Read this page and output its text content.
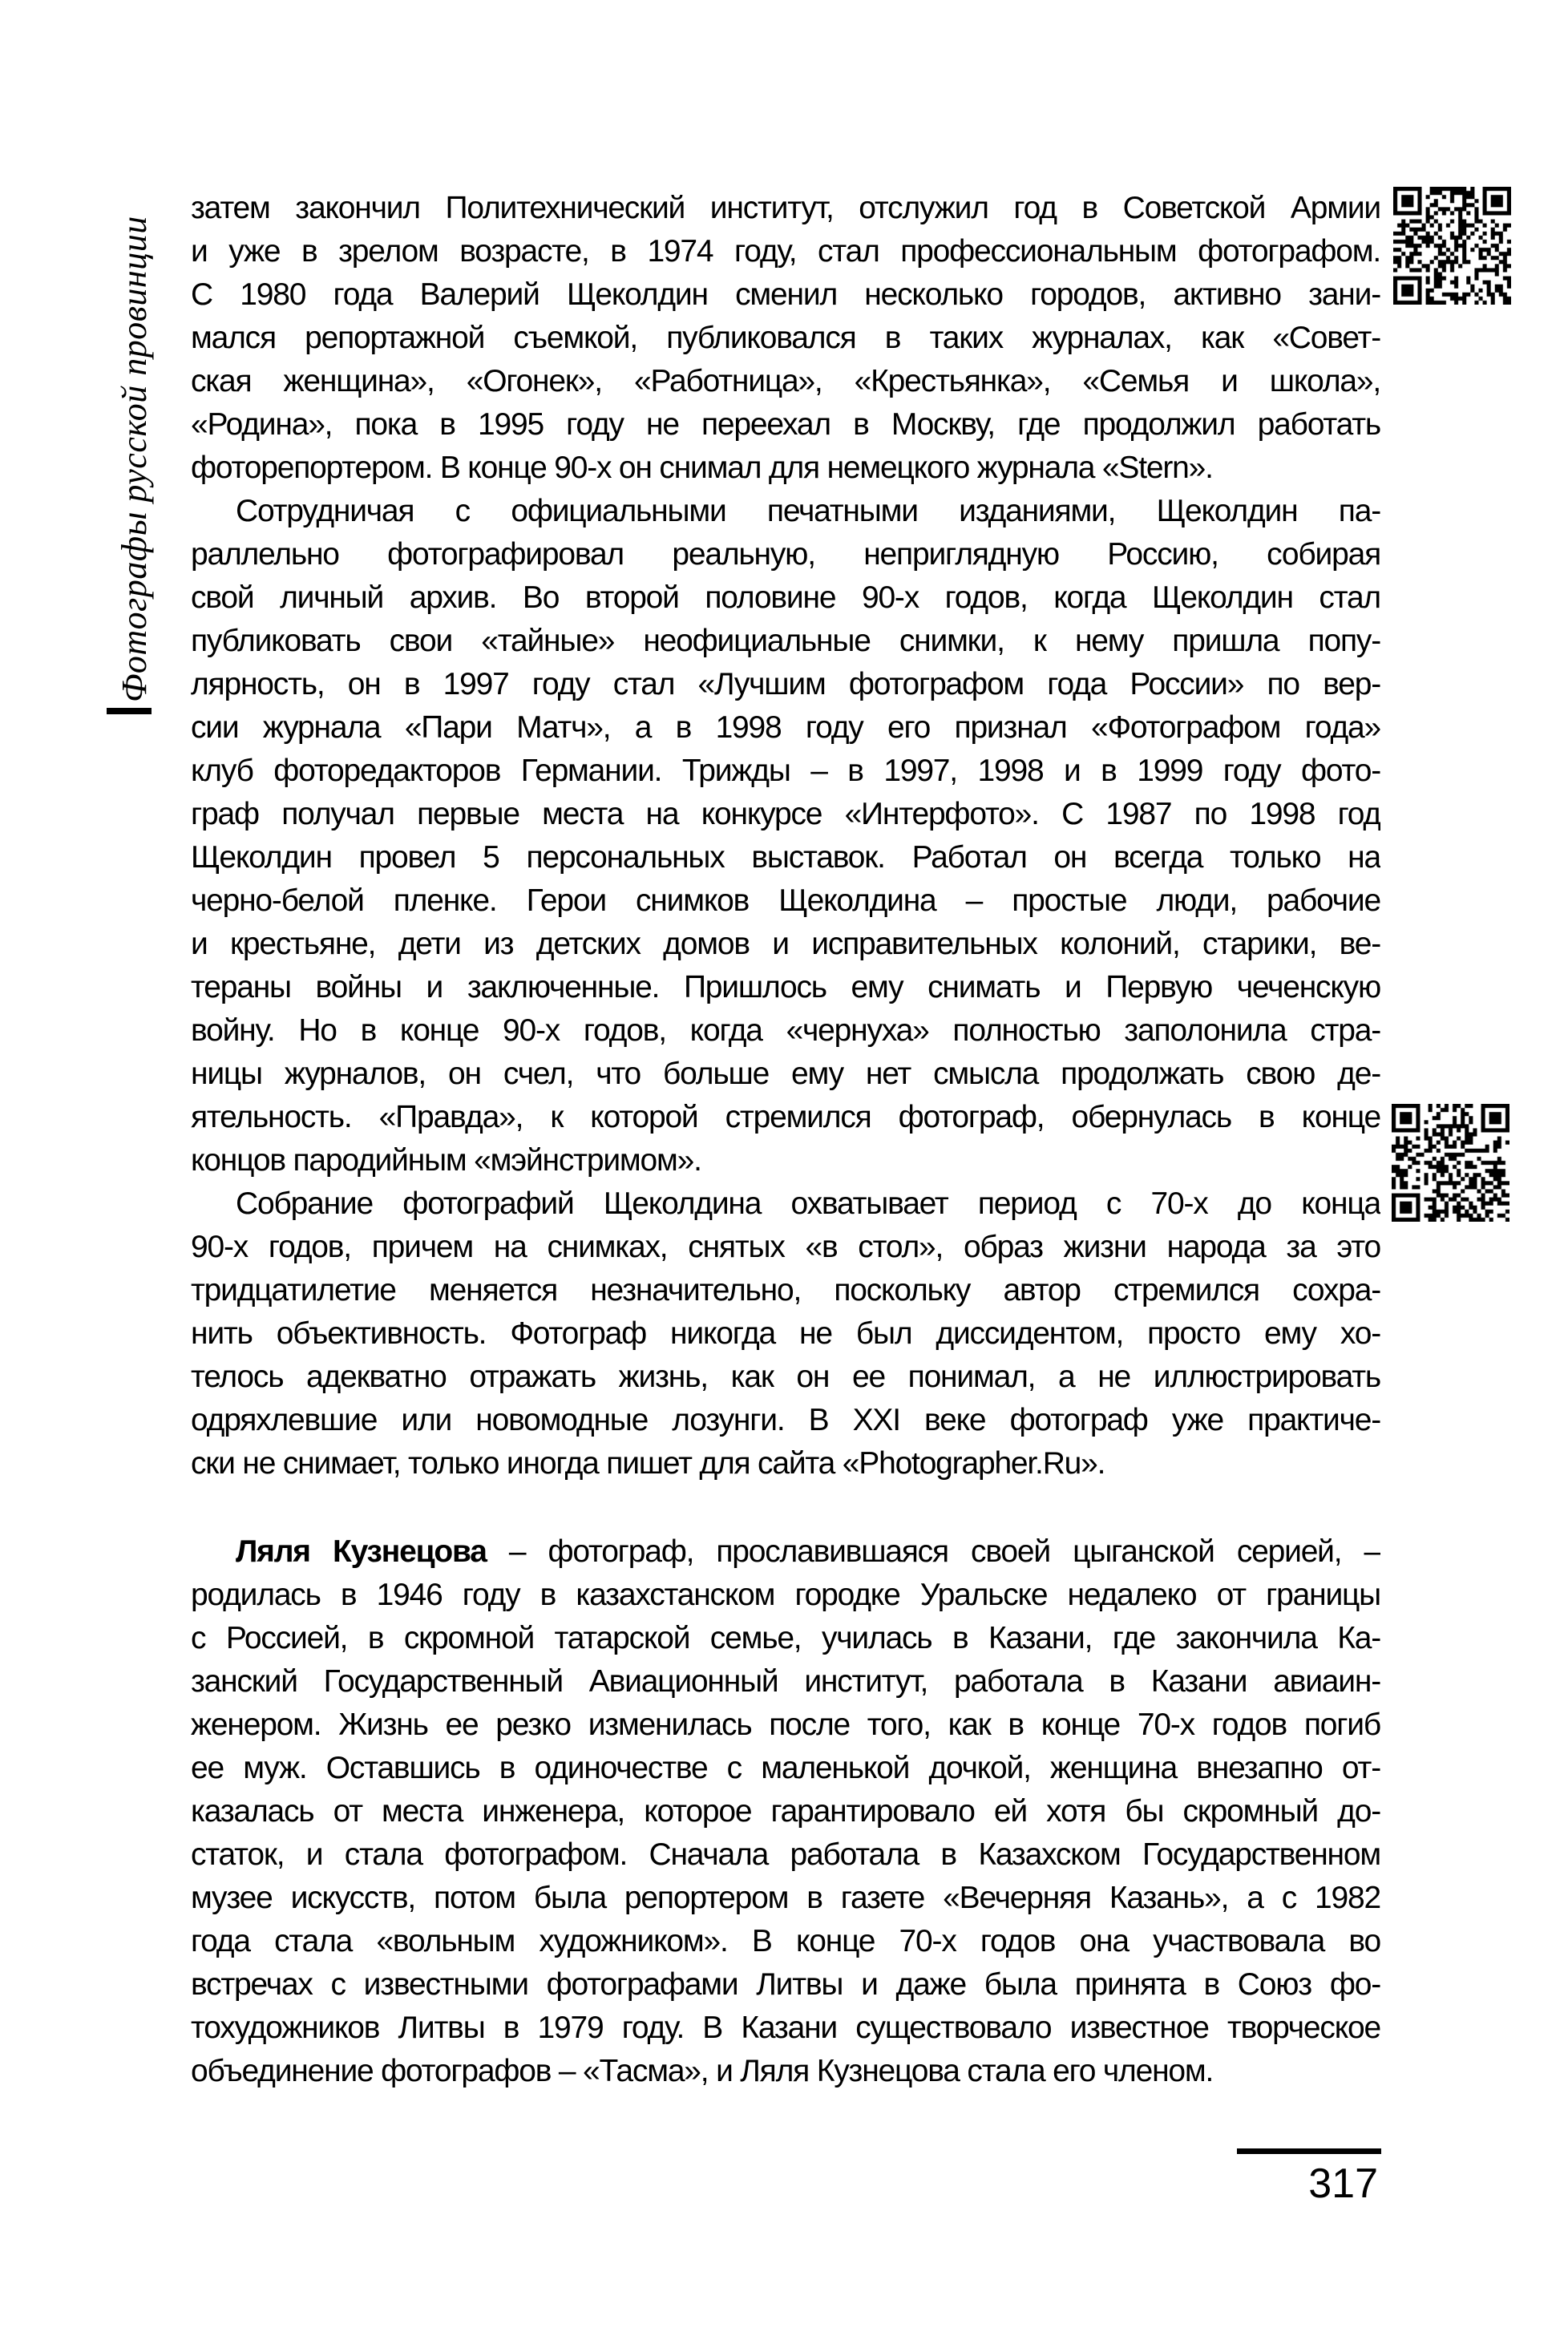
Фотографы русской провинции
затем закончил Политехнический институт, отслужил год в Советской Армии
и уже в зрелом возрасте, в 1974 году, стал профессиональным фотографом.
С 1980 года Валерий Щеколдин сменил несколько городов, активно зани-
мался репортажной съемкой, публиковался в таких журналах, как «Совет-
ская женщина», «Огонек», «Работница», «Крестьянка», «Семья и школа»,
«Родина», пока в 1995 году не переехал в Москву, где продолжил работать
фоторепортером. В конце 90-х он снимал для немецкого журнала «Stern».
Сотрудничая с официальными печатными изданиями, Щеколдин па-
раллельно фотографировал реальную, неприглядную Россию, собирая
свой личный архив. Во второй половине 90-х годов, когда Щеколдин стал
публиковать свои «тайные» неофициальные снимки, к нему пришла попу-
лярность, он в 1997 году стал «Лучшим фотографом года России» по вер-
сии журнала «Пари Матч», а в 1998 году его признал «Фотографом года»
клуб фоторедакторов Германии. Трижды – в 1997, 1998 и в 1999 году фото-
граф получал первые места на конкурсе «Интерфото». С 1987 по 1998 год
Щеколдин провел 5 персональных выставок. Работал он всегда только на
черно-белой пленке. Герои снимков Щеколдина – простые люди, рабочие
и крестьяне, дети из детских домов и исправительных колоний, старики, ве-
тераны войны и заключенные. Пришлось ему снимать и Первую чеченскую
войну. Но в конце 90-х годов, когда «чернуха» полностью заполонила стра-
ницы журналов, он счел, что больше ему нет смысла продолжать свою де-
ятельность. «Правда», к которой стремился фотограф, обернулась в конце
концов пародийным «мэйнстримом».
Собрание фотографий Щеколдина охватывает период с 70-х до конца
90-х годов, причем на снимках, снятых «в стол», образ жизни народа за это
тридцатилетие меняется незначительно, поскольку автор стремился сохра-
нить объективность. Фотограф никогда не был диссидентом, просто ему хо-
телось адекватно отражать жизнь, как он ее понимал, а не иллюстрировать
одряхлевшие или новомодные лозунги. В XXI веке фотограф уже практиче-
ски не снимает, только иногда пишет для сайта «Photographer.Ru».
Ляля Кузнецова – фотограф, прославившаяся своей цыганской серией, –
родилась в 1946 году в казахстанском городке Уральске недалеко от границы
с Россией, в скромной татарской семье, училась в Казани, где закончила Ка-
занский Государственный Авиационный институт, работала в Казани авиаин-
женером. Жизнь ее резко изменилась после того, как в конце 70-х годов погиб
ее муж. Оставшись в одиночестве с маленькой дочкой, женщина внезапно от-
казалась от места инженера, которое гарантировало ей хотя бы скромный до-
статок, и стала фотографом. Сначала работала в Казахском Государственном
музее искусств, потом была репортером в газете «Вечерняя Казань», а с 1982
года стала «вольным художником». В конце 70-х годов она участвовала во
встречах с известными фотографами Литвы и даже была принята в Союз фо-
тохудожников Литвы в 1979 году. В Казани существовало известное творческое
объединение фотографов – «Тасма», и Ляля Кузнецова стала его членом.
317
